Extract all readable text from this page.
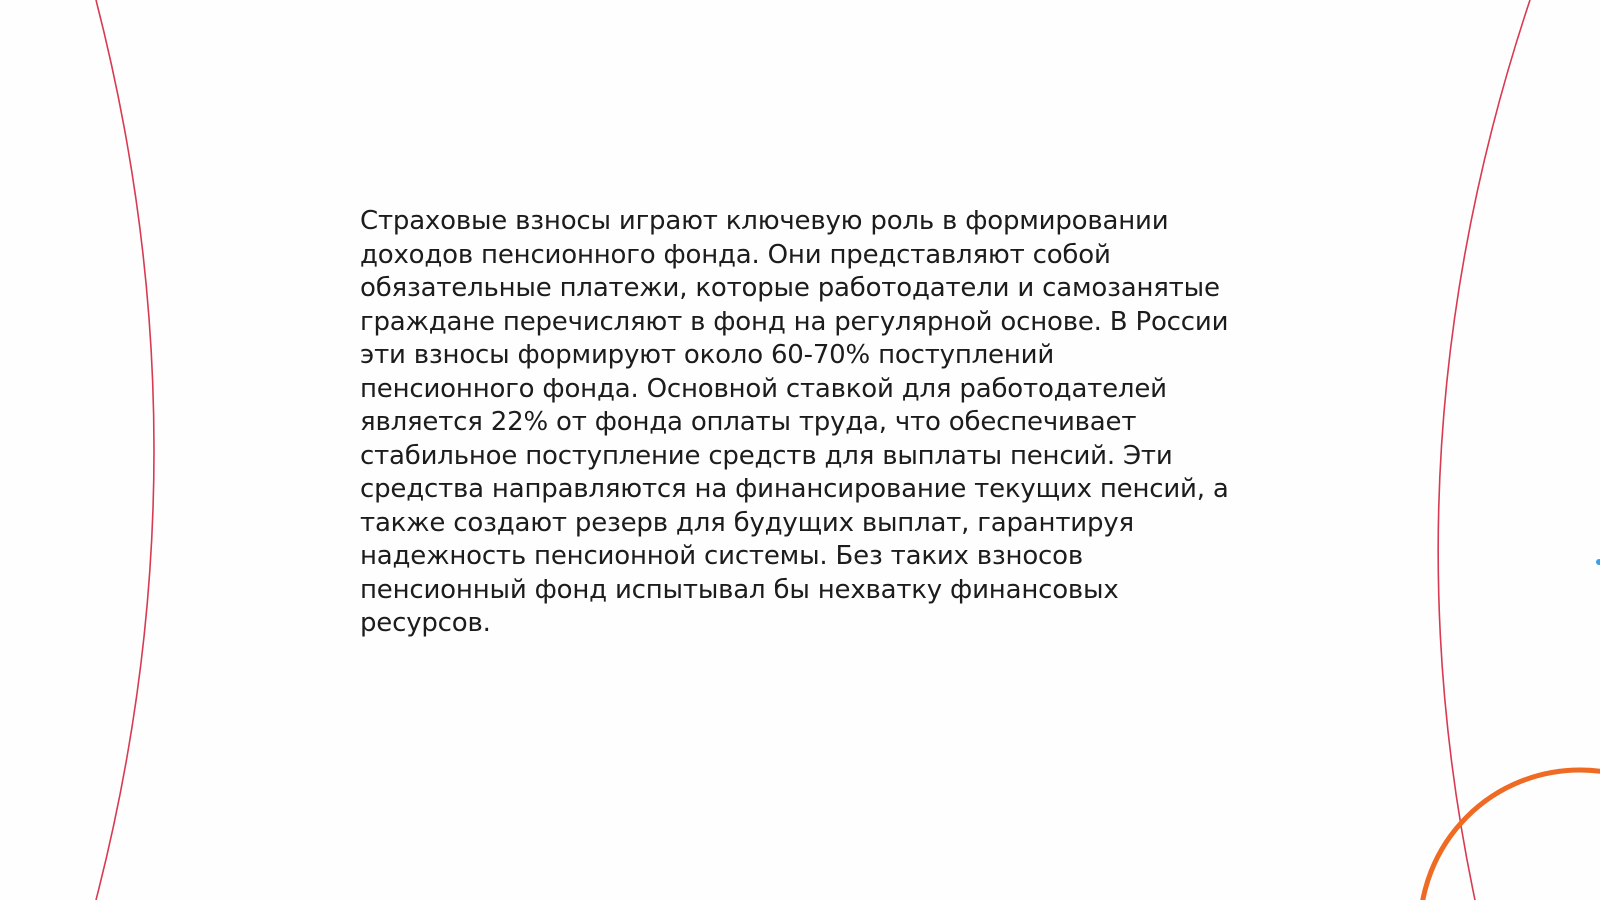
Страховые взносы играют ключевую роль в формировании
доходов пенсионного фонда. Они представляют собой
обязательные платежи, которые работодатели и самозанятые
граждане перечисляют в фонд на регулярной основе. В России
эти взносы формируют около 60-70% поступлений
пенсионного фонда. Основной ставкой для работодателей
является 22% от фонда оплаты труда, что обеспечивает
стабильное поступление средств для выплаты пенсий. Эти
средства направляются на финансирование текущих пенсий, а
также создают резерв для будущих выплат, гарантируя
надежность пенсионной системы. Без таких взносов
пенсионный фонд испытывал бы нехватку финансовых
ресурсов.
